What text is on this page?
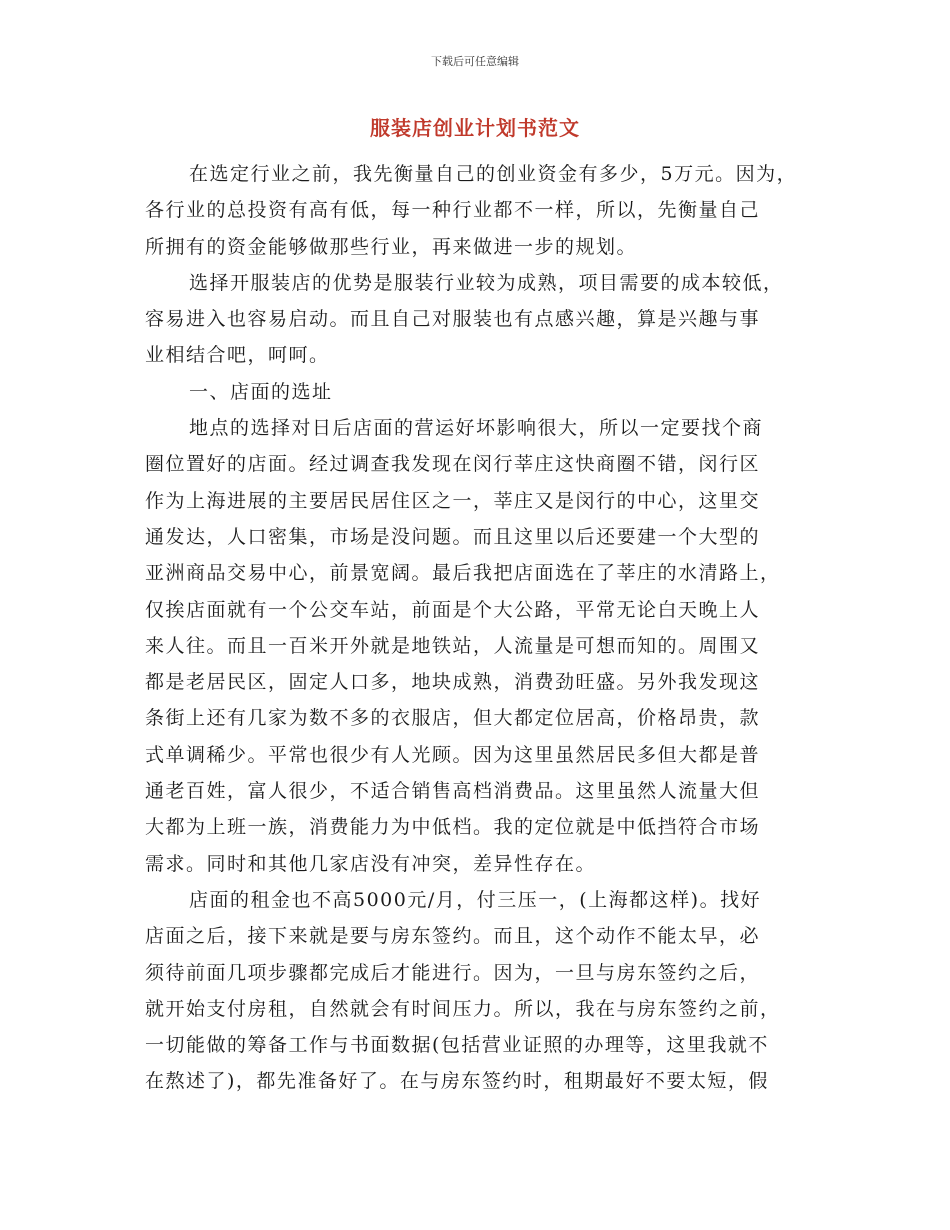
下载后可任意编辑
服装店创业计划书范文
在选定行业之前，我先衡量自己的创业资金有多少，5万元。因为，
各行业的总投资有高有低，每一种行业都不一样，所以，先衡量自己
所拥有的资金能够做那些行业，再来做进一步的规划。
选择开服装店的优势是服装行业较为成熟，项目需要的成本较低，
容易进入也容易启动。而且自己对服装也有点感兴趣，算是兴趣与事
业相结合吧，呵呵。
一、店面的选址
地点的选择对日后店面的营运好坏影响很大，所以一定要找个商
圈位置好的店面。经过调查我发现在闵行莘庄这快商圈不错，闵行区
作为上海进展的主要居民居住区之一，莘庄又是闵行的中心，这里交
通发达，人口密集，市场是没问题。而且这里以后还要建一个大型的
亚洲商品交易中心，前景宽阔。最后我把店面选在了莘庄的水清路上，
仅挨店面就有一个公交车站，前面是个大公路，平常无论白天晚上人
来人往。而且一百米开外就是地铁站，人流量是可想而知的。周围又
都是老居民区，固定人口多，地块成熟，消费劲旺盛。另外我发现这
条街上还有几家为数不多的衣服店，但大都定位居高，价格昂贵，款
式单调稀少。平常也很少有人光顾。因为这里虽然居民多但大都是普
通老百姓，富人很少，不适合销售高档消费品。这里虽然人流量大但
大都为上班一族，消费能力为中低档。我的定位就是中低挡符合市场
需求。同时和其他几家店没有冲突，差异性存在。
店面的租金也不高5000元/月，付三压一，(上海都这样)。找好
店面之后，接下来就是要与房东签约。而且，这个动作不能太早，必
须待前面几项步骤都完成后才能进行。因为，一旦与房东签约之后，
就开始支付房租，自然就会有时间压力。所以，我在与房东签约之前，
一切能做的筹备工作与书面数据(包括营业证照的办理等，这里我就不
在熬述了)，都先准备好了。在与房东签约时，租期最好不要太短，假
